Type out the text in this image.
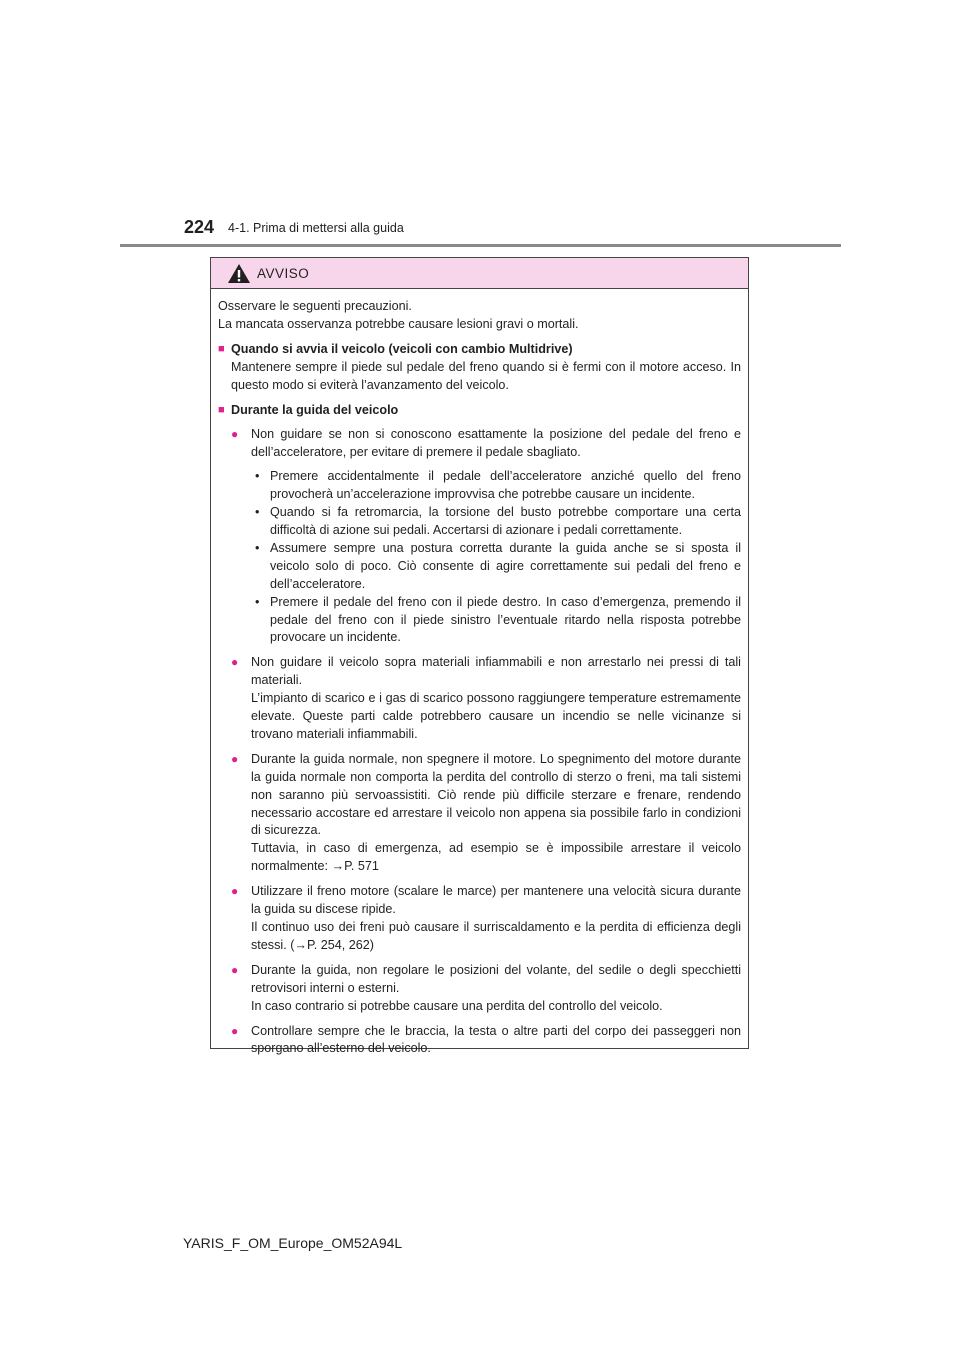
224 4-1. Prima di mettersi alla guida
AVVISO
Osservare le seguenti precauzioni.
La mancata osservanza potrebbe causare lesioni gravi o mortali.
■ Quando si avvia il veicolo (veicoli con cambio Multidrive)
Mantenere sempre il piede sul pedale del freno quando si è fermi con il motore acceso. In questo modo si eviterà l’avanzamento del veicolo.
■ Durante la guida del veicolo
●	Non guidare se non si conoscono esattamente la posizione del pedale del freno e dell’acceleratore, per evitare di premere il pedale sbagliato.
• Premere accidentalmente il pedale dell’acceleratore anziché quello del freno provocherà un’accelerazione improvvisa che potrebbe causare un incidente.
• Quando si fa retromarcia, la torsione del busto potrebbe comportare una certa difficoltà di azione sui pedali. Accertarsi di azionare i pedali correttamente.
• Assumere sempre una postura corretta durante la guida anche se si sposta il veicolo solo di poco. Ciò consente di agire correttamente sui pedali del freno e dell’acceleratore.
• Premere il pedale del freno con il piede destro. In caso d’emergenza, premendo il pedale del freno con il piede sinistro l’eventuale ritardo nella risposta potrebbe provocare un incidente.
●	Non guidare il veicolo sopra materiali infiammabili e non arrestarlo nei pressi di tali materiali.
L’impianto di scarico e i gas di scarico possono raggiungere temperature estremamente elevate. Queste parti calde potrebbero causare un incendio se nelle vicinanze si trovano materiali infiammabili.
●	Durante la guida normale, non spegnere il motore. Lo spegnimento del motore durante la guida normale non comporta la perdita del controllo di sterzo o freni, ma tali sistemi non saranno più servoassistiti. Ciò rende più difficile sterzare e frenare, rendendo necessario accostare ed arrestare il veicolo non appena sia possibile farlo in condizioni di sicurezza.
Tuttavia, in caso di emergenza, ad esempio se è impossibile arrestare il veicolo normalmente: →P. 571
●	Utilizzare il freno motore (scalare le marce) per mantenere una velocità sicura durante la guida su discese ripide.
Il continuo uso dei freni può causare il surriscaldamento e la perdita di efficienza degli stessi. (→P. 254, 262)
●	Durante la guida, non regolare le posizioni del volante, del sedile o degli specchietti retrovisori interni o esterni.
In caso contrario si potrebbe causare una perdita del controllo del veicolo.
●	Controllare sempre che le braccia, la testa o altre parti del corpo dei passeggeri non sporgano all’esterno del veicolo.
YARIS_F_OM_Europe_OM52A94L
